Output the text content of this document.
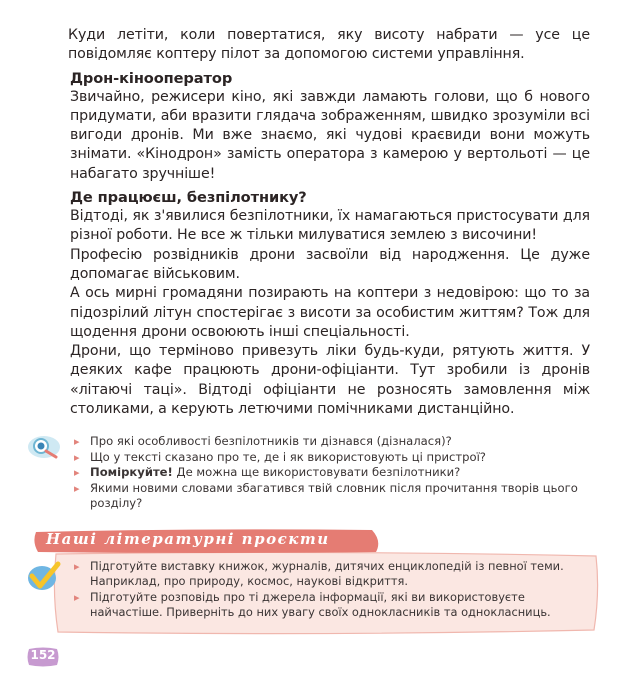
Куди летіти, коли повертатися, яку висоту набрати — усе це повідомляє коптеру пілот за допомогою системи управління.

Дрон-кінооператор

Звичайно, режисери кіно, які завжди ламають голови, що б нового придумати, аби вразити глядача зображенням, швидко зрозуміли всі вигоди дронів. Ми вже знаємо, які чудові краєвиди вони можуть знімати. «Кінодрон» замість оператора з камерою у вертольоті — це набагато зручніше!

Де працюєш, безпілотнику?

Відтоді, як з'явилися безпілотники, їх намагаються пристосувати для різної роботи. Не все ж тільки милуватися землею з височини!

Професію розвідників дрони засвоїли від народження. Це дуже допомагає військовим.

А ось мирні громадяни позирають на коптери з недовірою: що то за підозрілий літун спостерігає з висоти за особистим життям? Тож для щодення дрони освоюють інші спеціальності.

Дрони, що терміново привезуть ліки будь-куди, рятують життя. У деяких кафе працюють дрони-офіціанти. Тут зробили із дронів «літаючі таці». Відтоді офіціанти не розносять замовлення між столиками, а керують летючими помічниками дистанційно.

▸ Про які особливості безпілотників ти дізнався (дізналася)?
▸ Що у тексті сказано про те, де і як використовують ці пристрої?
▸ Поміркуйте! Де можна ще використовувати безпілотники?
▸ Якими новими словами збагатився твій словник після прочитання творів цього розділу?
Наші літературні проєкти
▸ Підготуйте виставку книжок, журналів, дитячих енциклопедій із певної теми. Наприклад, про природу, космос, наукові відкриття.
▸ Підготуйте розповідь про ті джерела інформації, які ви використовуєте найчастіше. Приверніть до них увагу своїх однокласників та однокласниць.
152
